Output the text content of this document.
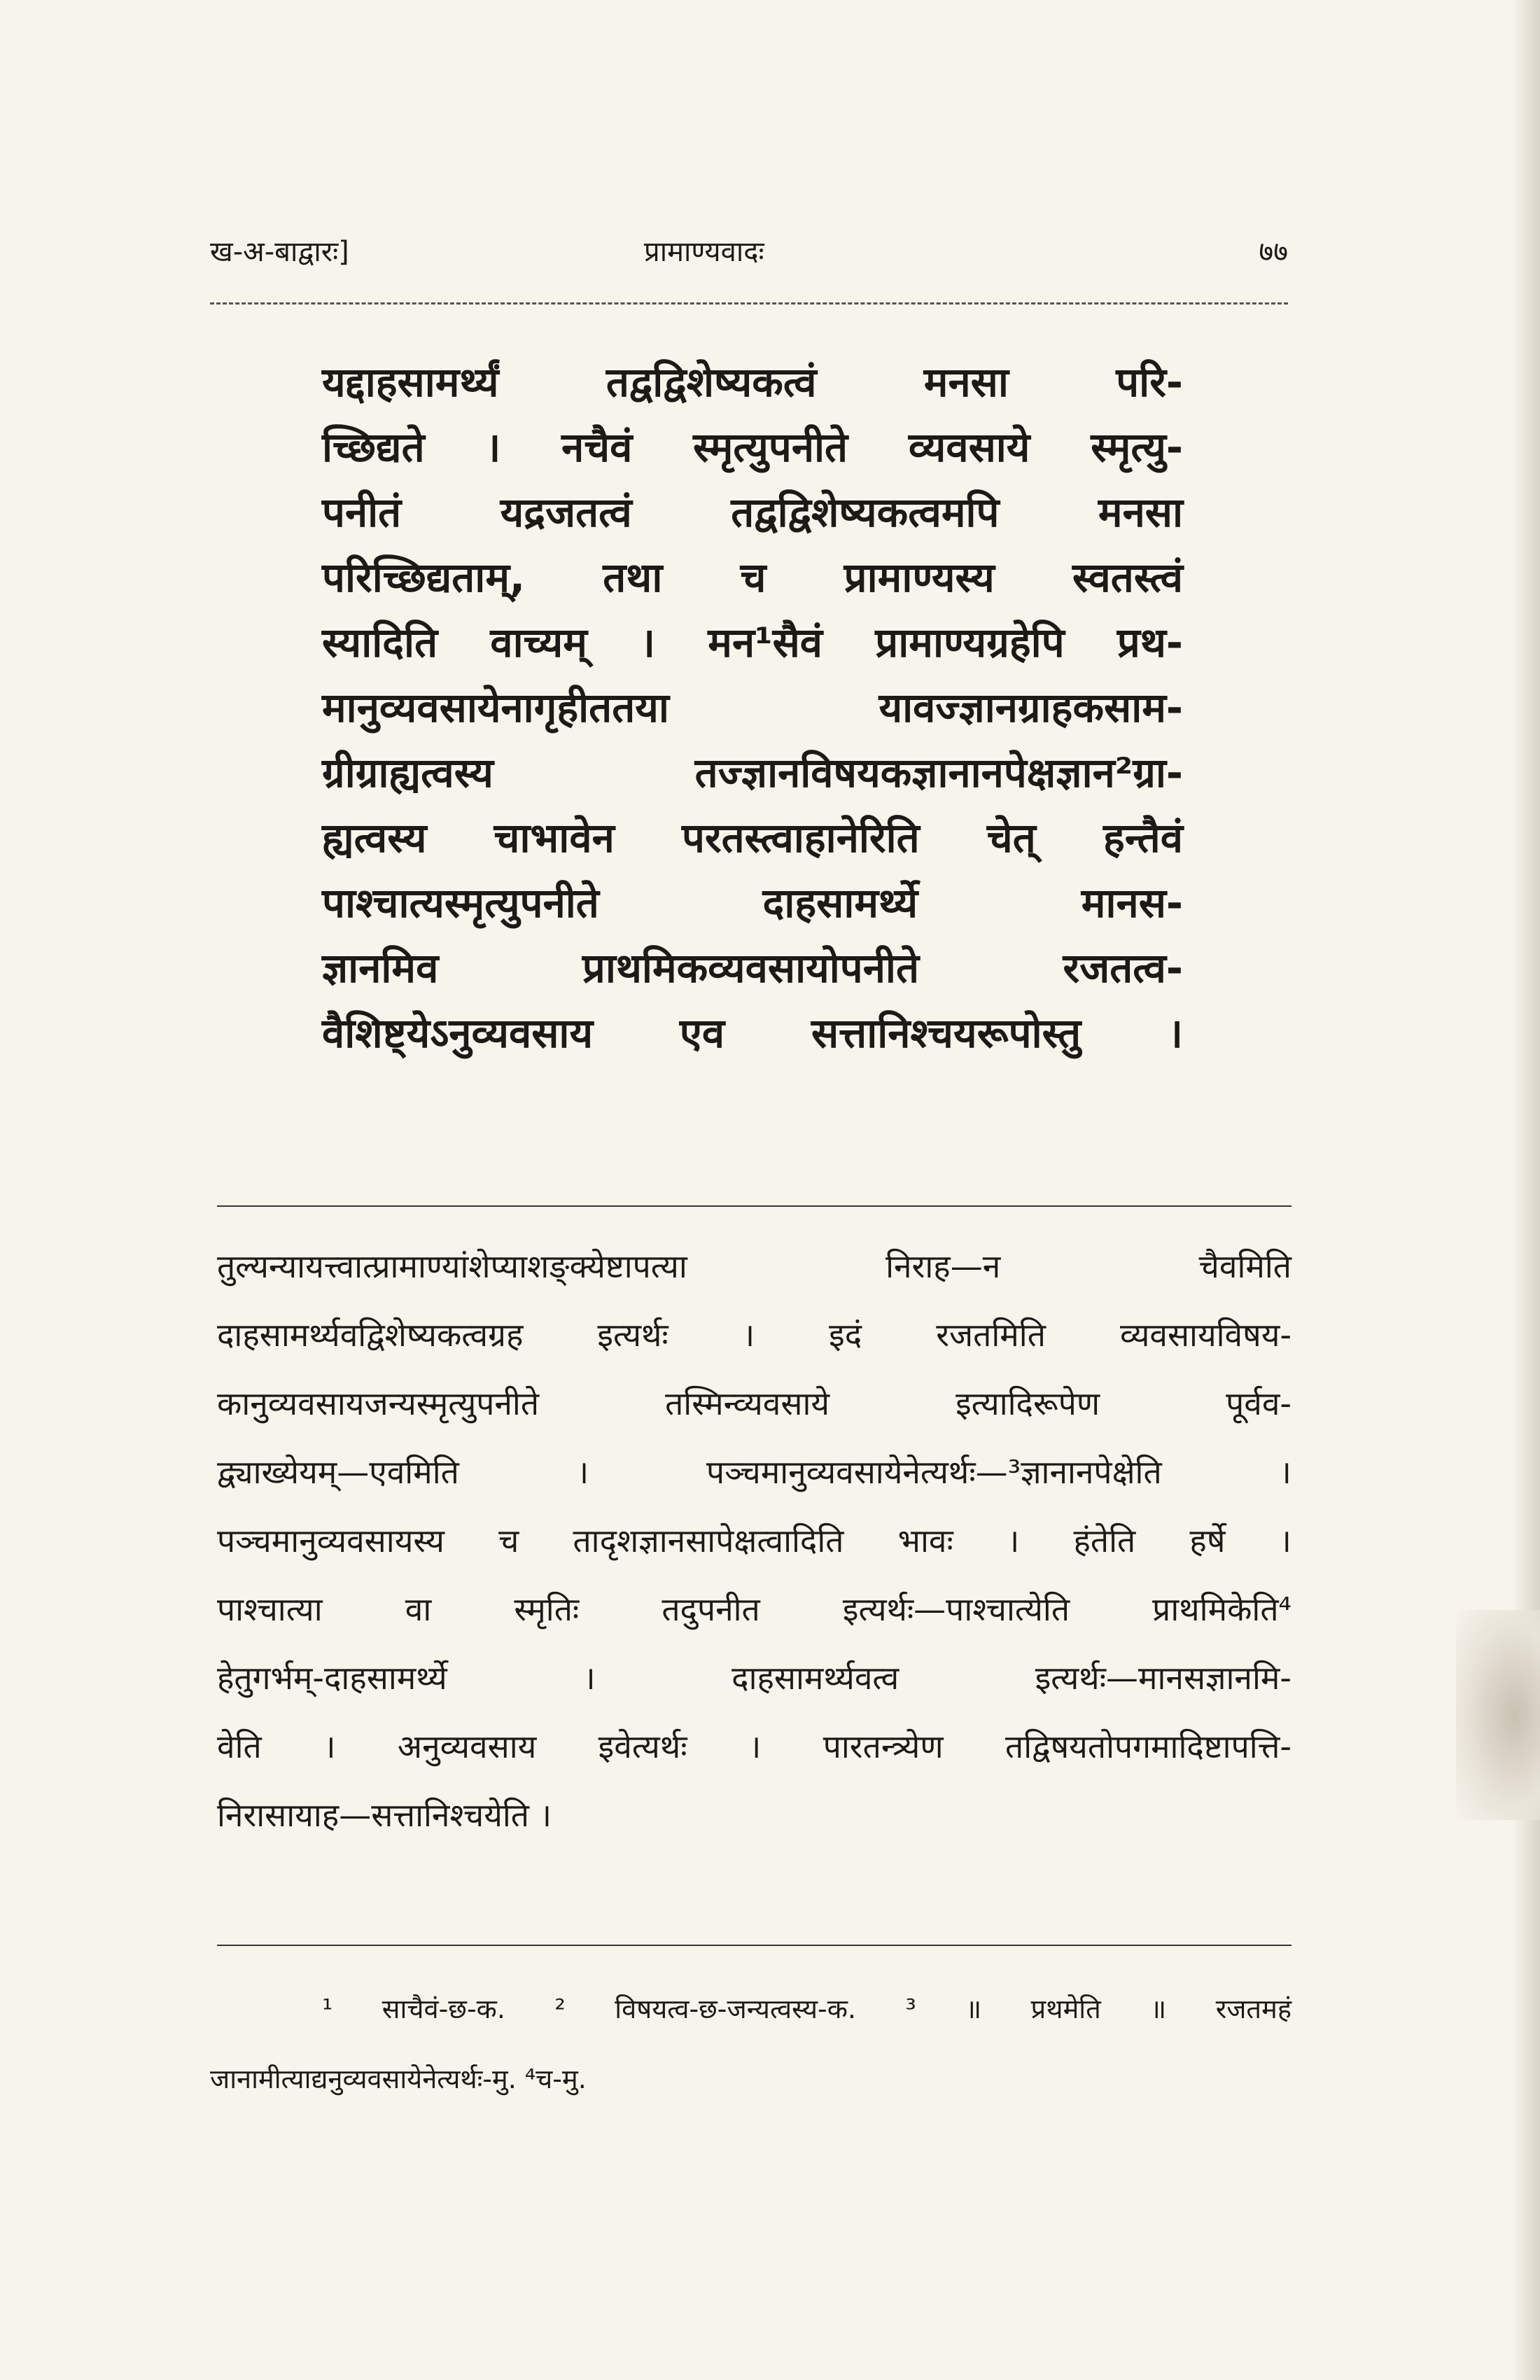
ख-अ-बाद्वारः]	प्रामाण्यवादः	७७
यद्दाहसामर्थ्यं तद्वद्विशेष्यकत्वं मनसा परि-
च्छिद्यते । नचैवं स्मृत्युपनीते व्यवसाये स्मृत्यु-
पनीतं यद्रजतत्वं तद्वद्विशेष्यकत्वमपि मनसा
परिच्छिद्यताम्, तथा च प्रामाण्यस्य स्वतस्त्वं
स्यादिति वाच्यम् । मन¹सैवं प्रामाण्यग्रहेपि प्रथ-
मानुव्यवसायेनागृहीततया यावज्ज्ञानग्राहकसाम-
ग्रीग्राह्यत्वस्य तज्ज्ञानविषयकज्ञानानपेक्षज्ञान²ग्रा-
ह्यत्वस्य चाभावेन परतस्त्वाहानेरिति चेत् हन्तैवं
पाश्चात्यस्मृत्युपनीते दाहसामर्थ्ये मानस-
ज्ञानमिव प्राथमिकव्यवसायोपनीते रजतत्व-
वैशिष्ट्येऽनुव्यवसाय एव सत्तानिश्चयरूपोस्तु ।
तुल्यन्यायत्त्वात्प्रामाण्यांशेप्याशङ्क्येष्टापत्या निराह—न चैवमिति
दाहसामर्थ्यवद्विशेष्यकत्वग्रह इत्यर्थः । इदं रजतमिति व्यवसायविषय-
कानुव्यवसायजन्यस्मृत्युपनीते तस्मिन्व्यवसाये इत्यादिरूपेण पूर्वव-
द्व्याख्येयम्—एवमिति । पञ्चमानुव्यवसायेनेत्यर्थः—³ज्ञानानपेक्षेति ।
पञ्चमानुव्यवसायस्य च तादृशज्ञानसापेक्षत्वादिति भावः । हंतेति हर्षे ।
पाश्चात्या वा स्मृतिः तदुपनीत इत्यर्थः—पाश्चात्येति प्राथमिकेति⁴
हेतुगर्भम्-दाहसामर्थ्ये । दाहसामर्थ्यवत्व इत्यर्थः—मानसज्ञानमि-
वेति । अनुव्यवसाय इवेत्यर्थः । पारतन्त्र्येण तद्विषयतोपगमादिष्टापत्ति-
निरासायाह—सत्तानिश्चयेति ।
¹ साचैवं-छ-क. ² विषयत्व-छ-जन्यत्वस्य-क. ³ ॥ प्रथमेति ॥ रजतमहं
जानामीत्याद्यनुव्यवसायेनेत्यर्थः-मु. ⁴च-मु.
